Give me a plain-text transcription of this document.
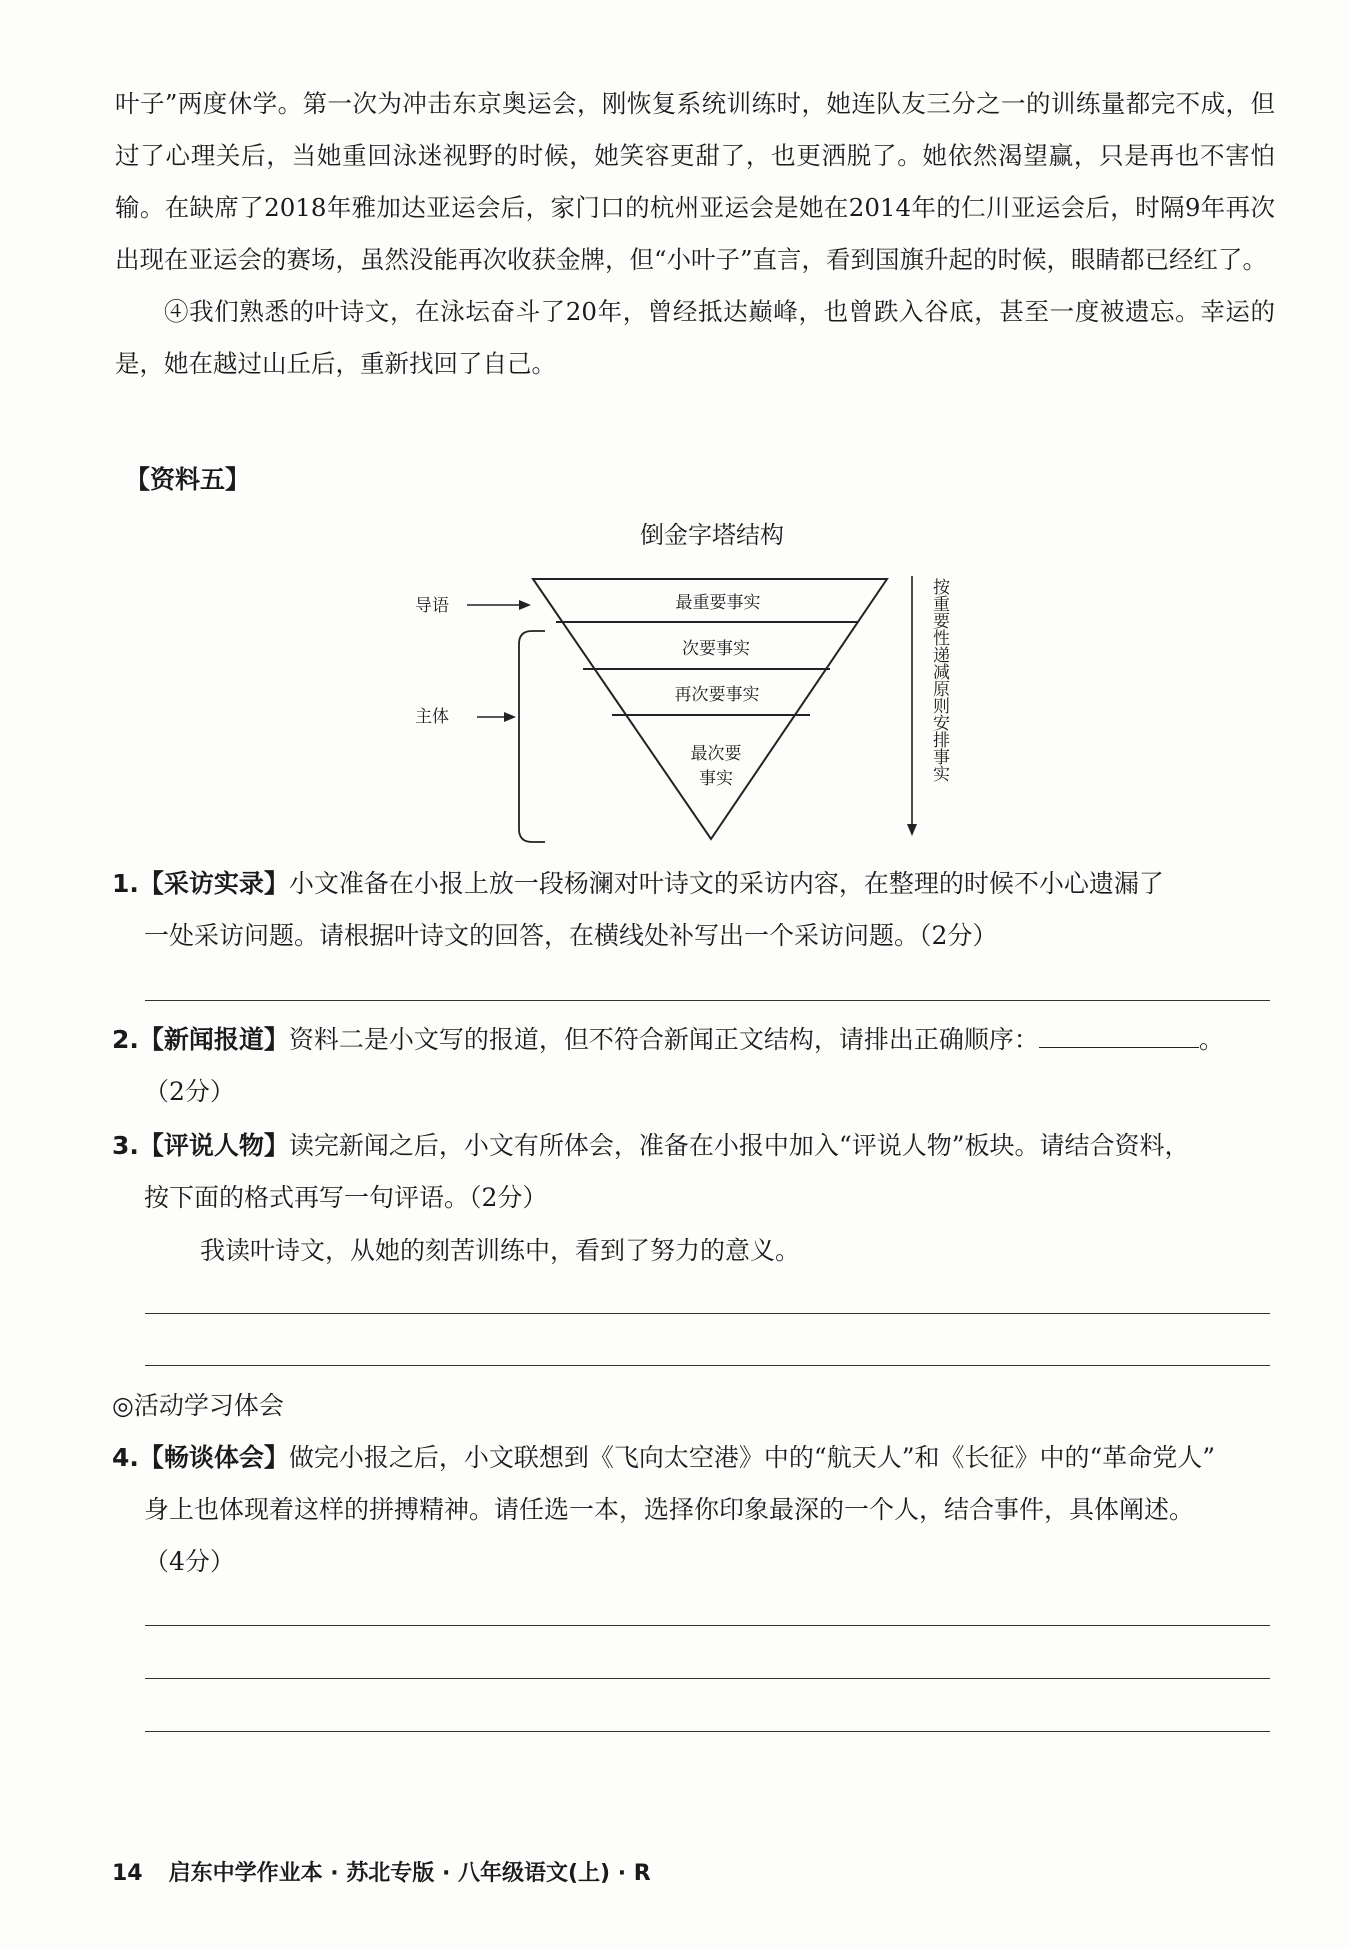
叶子”两度休学。第一次为冲击东京奥运会，刚恢复系统训练时，她连队友三分之一的训练量都完不成，但过了心理关后，当她重回泳迷视野的时候，她笑容更甜了，也更洒脱了。她依然渴望赢，只是再也不害怕输。在缺席了2018年雅加达亚运会后，家门口的杭州亚运会是她在2014年的仁川亚运会后，时隔9年再次出现在亚运会的赛场，虽然没能再次收获金牌，但“小叶子”直言，看到国旗升起的时候，眼睛都已经红了。

④我们熟悉的叶诗文，在泳坛奋斗了20年，曾经抵达巅峰，也曾跌入谷底，甚至一度被遗忘。幸运的是，她在越过山丘后，重新找回了自己。

【资料五】
倒金字塔结构
最重要事实
次要事实
再次要事实
最次要
事实
导语
主体	按重要性递减原则安排事实
1.【采访实录】小文准备在小报上放一段杨澜对叶诗文的采访内容，在整理的时候不小心遗漏了
一处采访问题。请根据叶诗文的回答，在横线处补写出一个采访问题。（2分）
2.【新闻报道】资料二是小文写的报道，但不符合新闻正文结构，请排出正确顺序：	。
（2分）
3.【评说人物】读完新闻之后，小文有所体会，准备在小报中加入“评说人物”板块。请结合资料，
按下面的格式再写一句评语。（2分）
我读叶诗文，从她的刻苦训练中，看到了努力的意义。
◎活动学习体会
4.【畅谈体会】做完小报之后，小文联想到《飞向太空港》中的“航天人”和《长征》中的“革命党人”
身上也体现着这样的拼搏精神。请任选一本，选择你印象最深的一个人，结合事件，具体阐述。
（4分）
14 启东中学作业本 · 苏北专版 · 八年级语文(上) · R
